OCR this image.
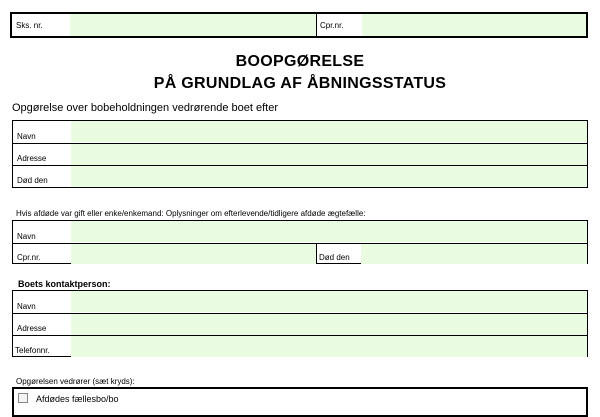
Sks. nr.	Cpr.nr.
BOOPGØRELSE
PÅ GRUNDLAG AF ÅBNINGSSTATUS
Opgørelse over bobeholdningen vedrørende boet efter
Navn
Adresse
Død den
Hvis afdøde var gift eller enke/enkemand: Oplysninger om efterlevende/tidligere afdøde ægtefælle:
Navn
Cpr.nr.	Død den
Boets kontaktperson:
Navn
Adresse
Telefonnr.
Opgørelsen vedrører (sæt kryds):
Afdødes fællesbo/bo
